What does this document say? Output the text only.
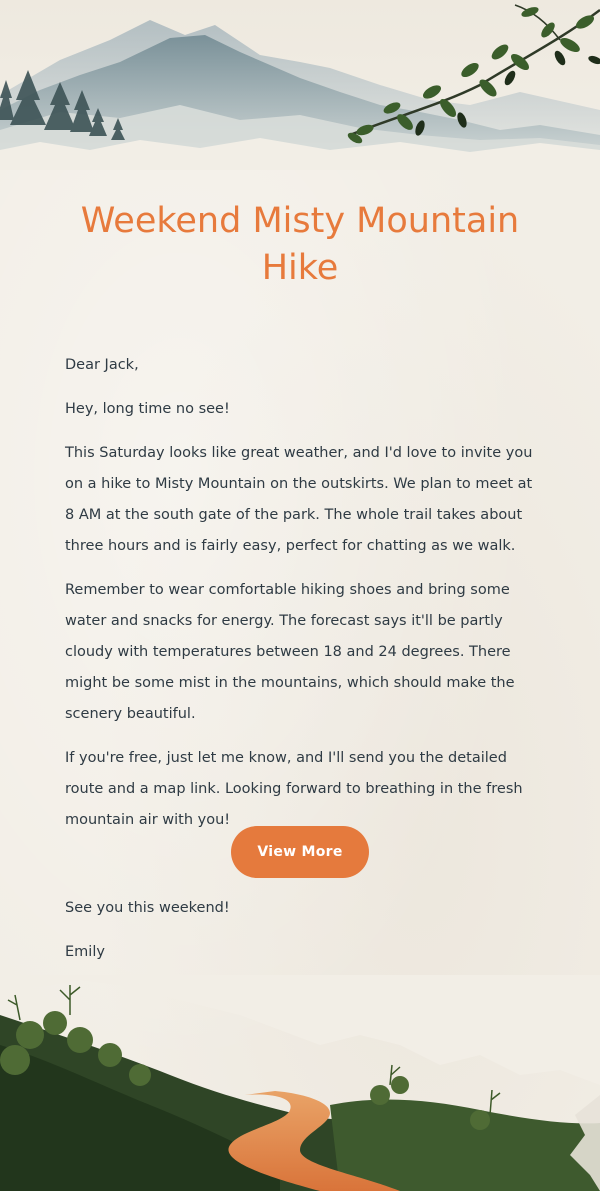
Weekend Misty Mountain Hike

Dear Jack,

Hey, long time no see!

This Saturday looks like great weather, and I'd love to invite you on a hike to Misty Mountain on the outskirts. We plan to meet at 8 AM at the south gate of the park. The whole trail takes about three hours and is fairly easy, perfect for chatting as we walk.

Remember to wear comfortable hiking shoes and bring some water and snacks for energy. The forecast says it'll be partly cloudy with temperatures between 18 and 24 degrees. There might be some mist in the mountains, which should make the scenery beautiful.

If you're free, just let me know, and I'll send you the detailed route and a map link. Looking forward to breathing in the fresh mountain air with you!

View More

See you this weekend!

Emily
